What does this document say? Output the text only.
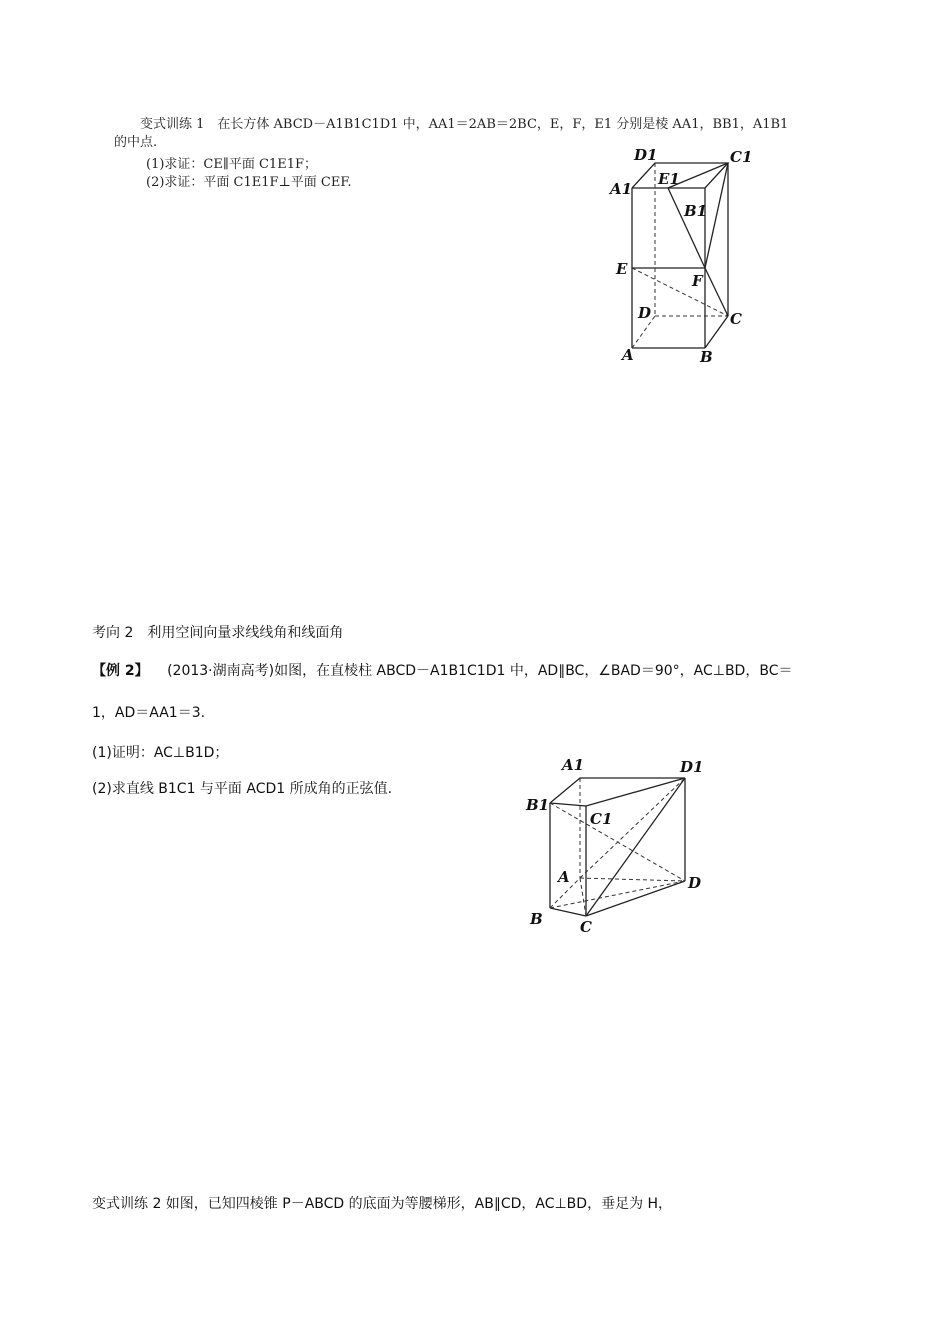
变式训练 1　在长方体 ABCD－A1B1C1D1 中，AA1＝2AB＝2BC，E，F，E1 分别是棱 AA1，BB1，A1B1
的中点.
(1)求证：CE∥平面 C1E1F；
(2)求证：平面 C1E1F⊥平面 CEF.
D1	C1
A1
E1
B1
E
F
D	C
A	B
考向 2　利用空间向量求线线角和线面角
【例 2】 (2013·湖南高考)如图，在直棱柱 ABCD－A1B1C1D1 中，AD∥BC，∠BAD＝90°，AC⊥BD，BC＝
1，AD＝AA1＝3.
(1)证明：AC⊥B1D；
(2)求直线 B1C1 与平面 ACD1 所成角的正弦值.
A1	D1
B1
C1
A	D
B C
变式训练 2 如图，已知四棱锥 P－ABCD 的底面为等腰梯形，AB∥CD，AC⊥BD，垂足为 H，
